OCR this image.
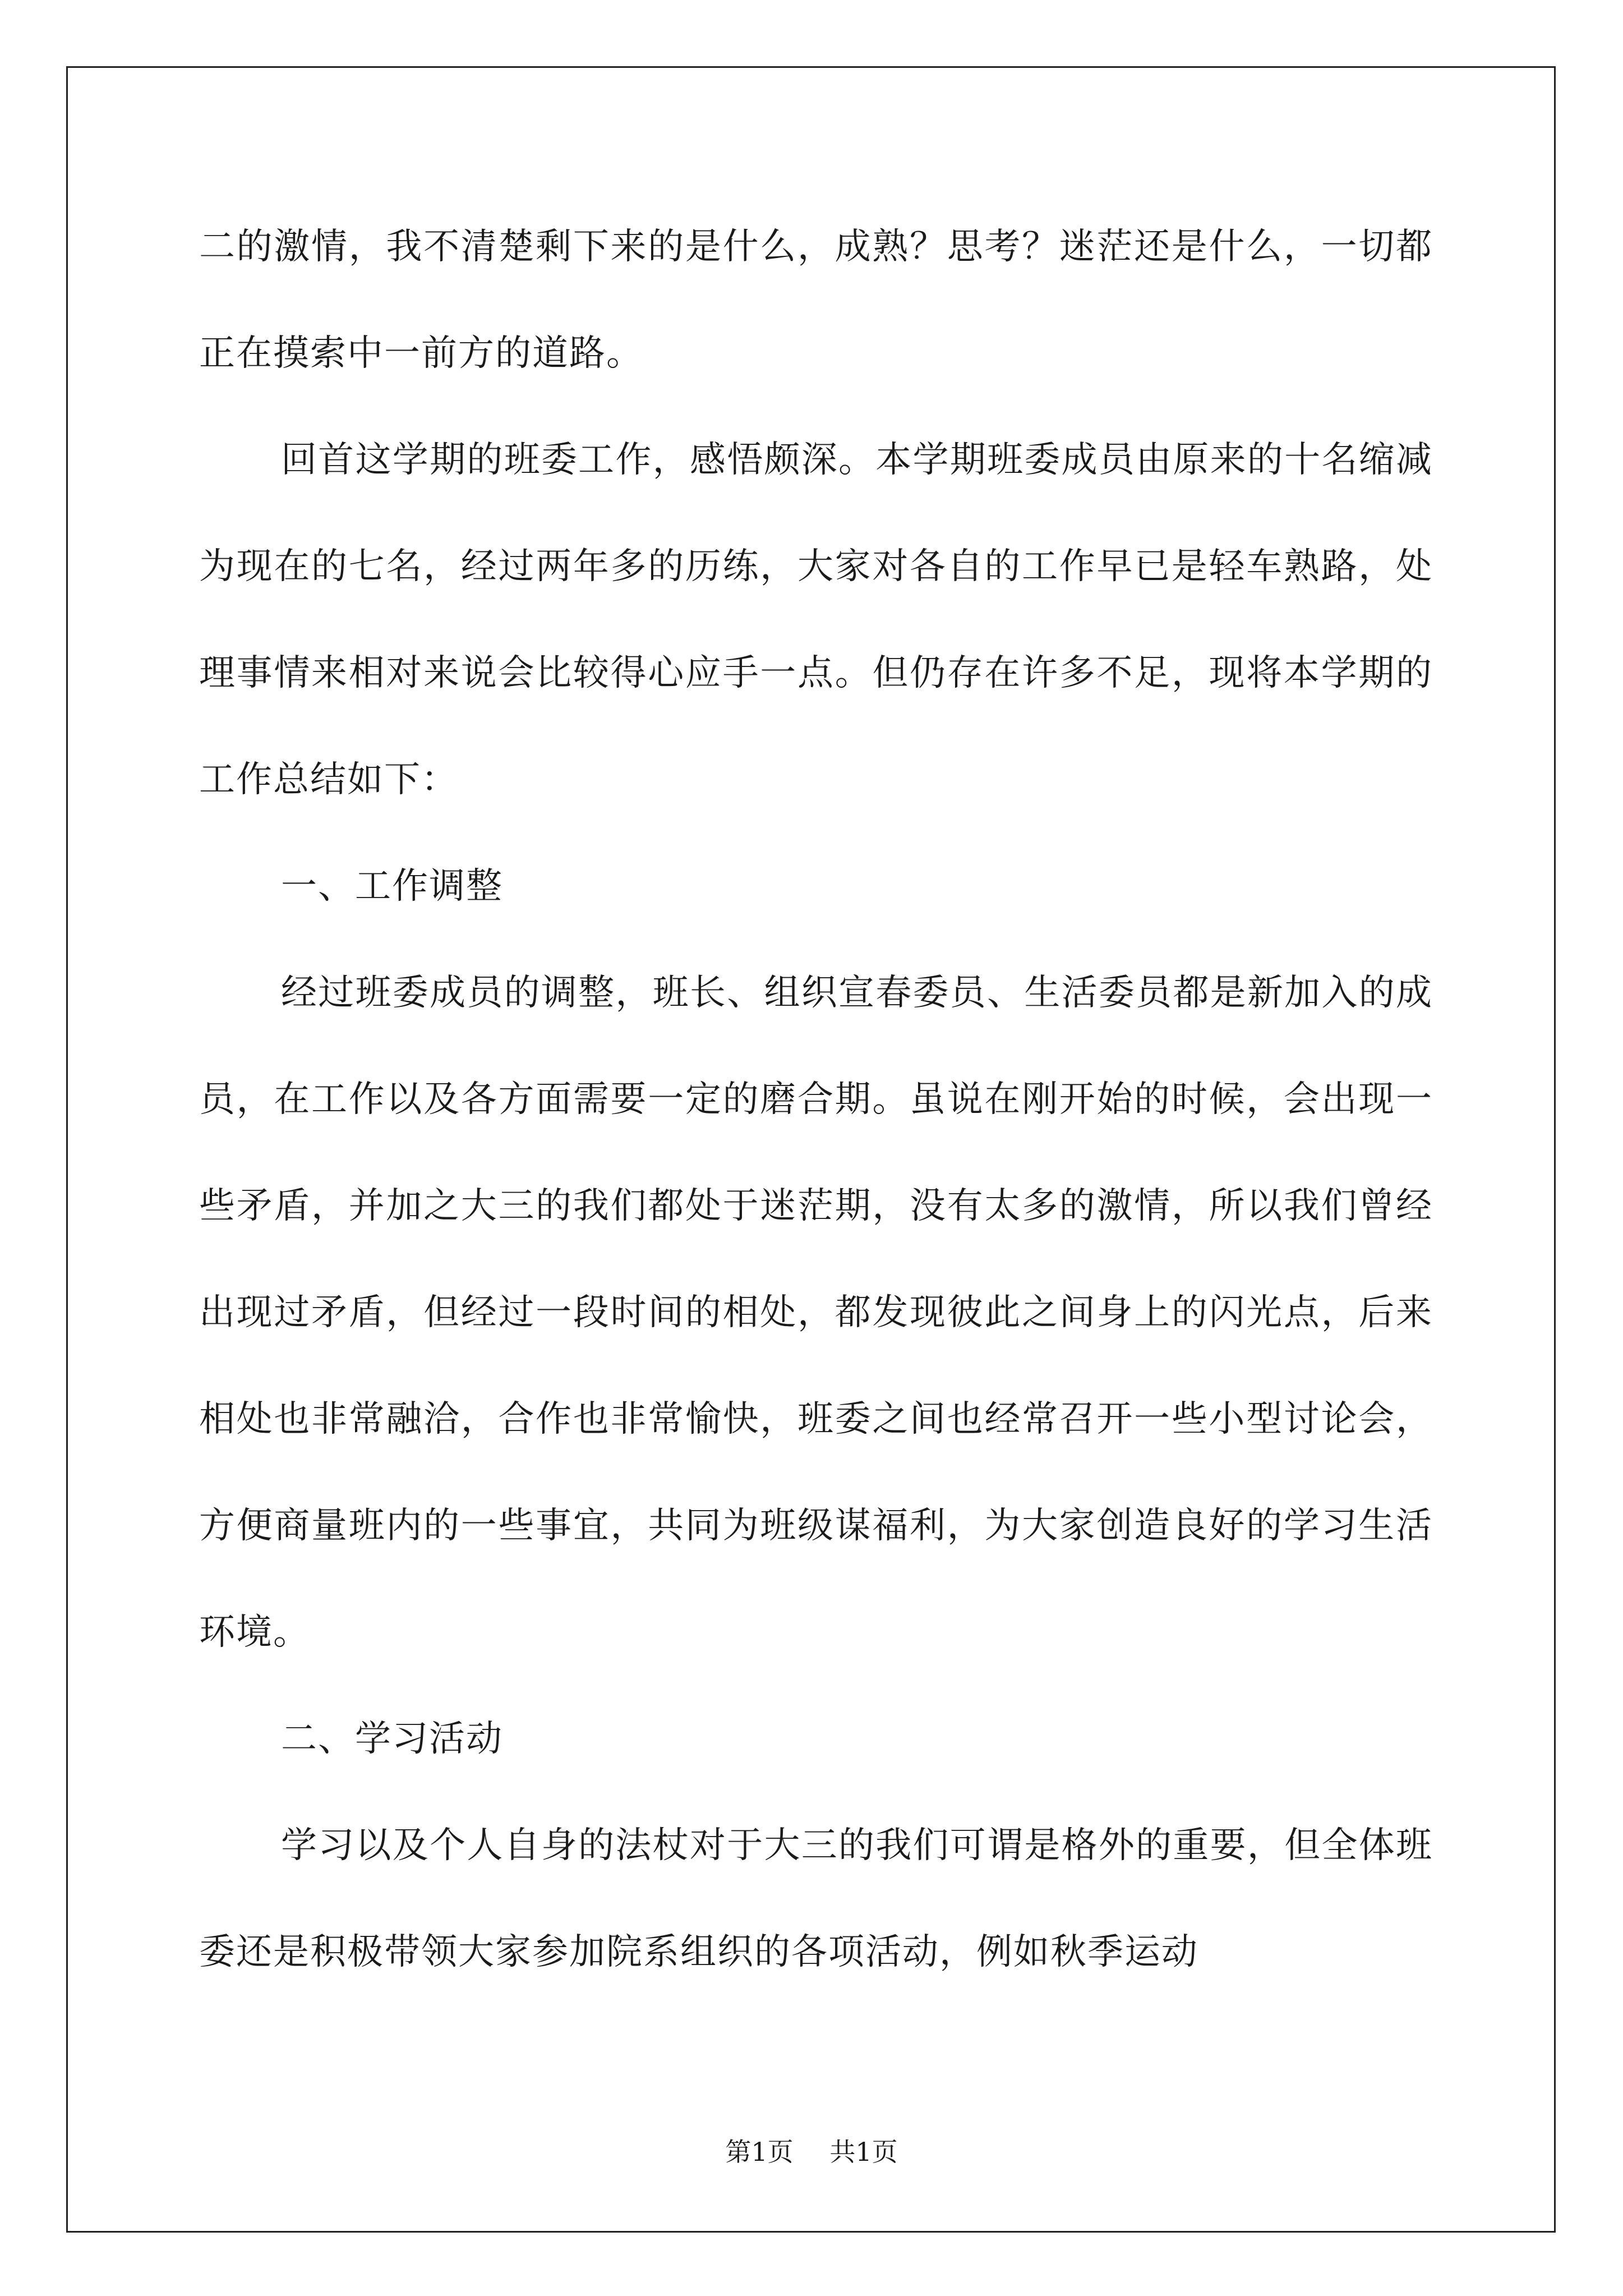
二的激情，我不清楚剩下来的是什么，成熟？思考？迷茫还是什么，一切都正在摸索中一前方的道路。

回首这学期的班委工作，感悟颇深。本学期班委成员由原来的十名缩减为现在的七名，经过两年多的历练，大家对各自的工作早已是轻车熟路，处理事情来相对来说会比较得心应手一点。但仍存在许多不足，现将本学期的工作总结如下：

一、工作调整

经过班委成员的调整，班长、组织宣春委员、生活委员都是新加入的成员，在工作以及各方面需要一定的磨合期。虽说在刚开始的时候，会出现一些矛盾，并加之大三的我们都处于迷茫期，没有太多的激情，所以我们曾经出现过矛盾，但经过一段时间的相处，都发现彼此之间身上的闪光点，后来相处也非常融洽，合作也非常愉快，班委之间也经常召开一些小型讨论会，方便商量班内的一些事宜，共同为班级谋福利，为大家创造良好的学习生活环境。

二、学习活动

学习以及个人自身的法杖对于大三的我们可谓是格外的重要，但全体班委还是积极带领大家参加院系组织的各项活动，例如秋季运动

第1页 共1页
